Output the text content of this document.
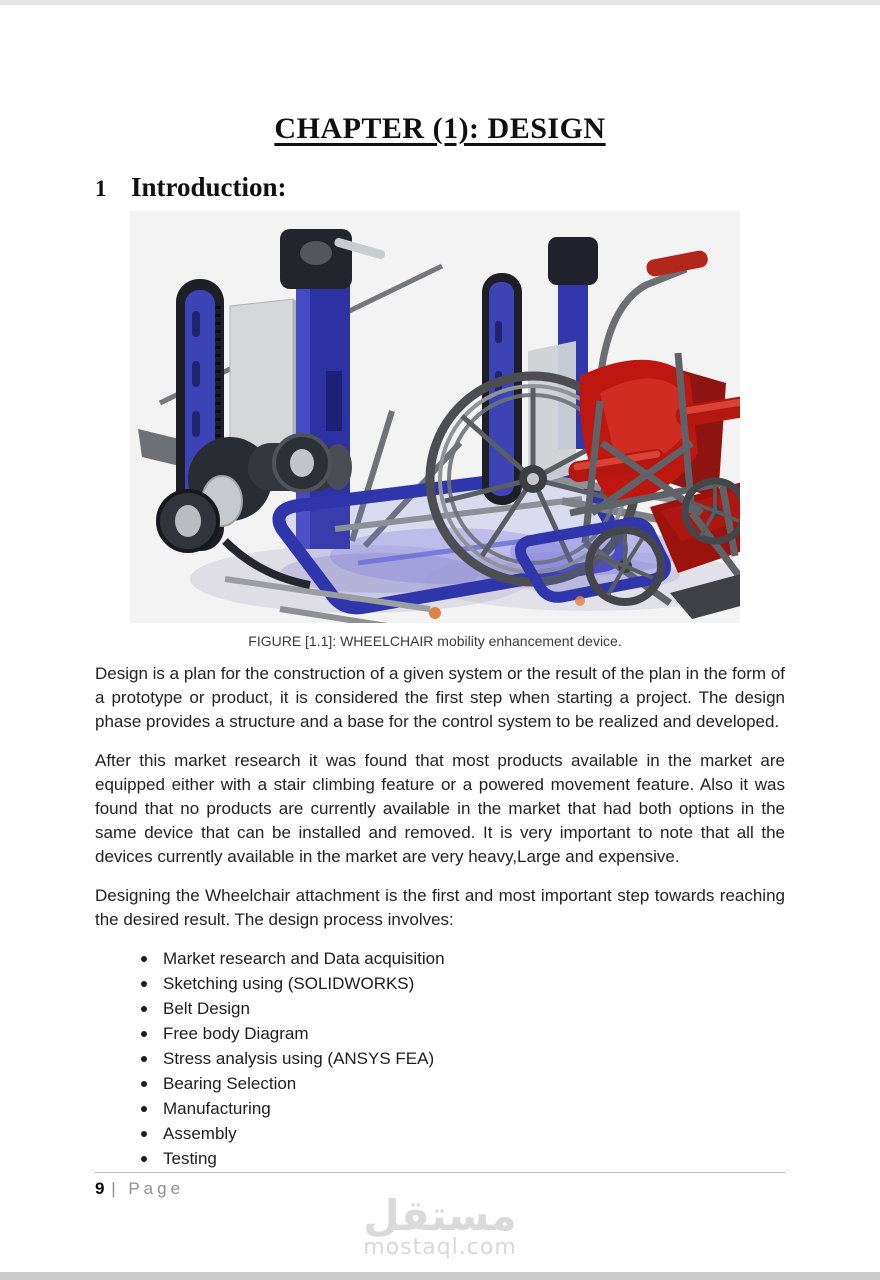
CHAPTER (1): DESIGN
1 Introduction:
FIGURE [1.1]: WHEELCHAIR mobility enhancement device.

Design is a plan for the construction of a given system or the result of the plan in the form of a prototype or product, it is considered the first step when starting a project. The design phase provides a structure and a base for the control system to be realized and developed.

After this market research it was found that most products available in the market are equipped either with a stair climbing feature or a powered movement feature. Also it was found that no products are currently available in the market that had both options in the same device that can be installed and removed. It is very important to note that all the devices currently available in the market are very heavy,Large and expensive.

Designing the Wheelchair attachment is the first and most important step towards reaching the desired result. The design process involves:

Market research and Data acquisition
Sketching using (SOLIDWORKS)
Belt Design
Free body Diagram
Stress analysis using (ANSYS FEA)
Bearing Selection
Manufacturing
Assembly
Testing
9 | Page
مستقل
mostaql.com
